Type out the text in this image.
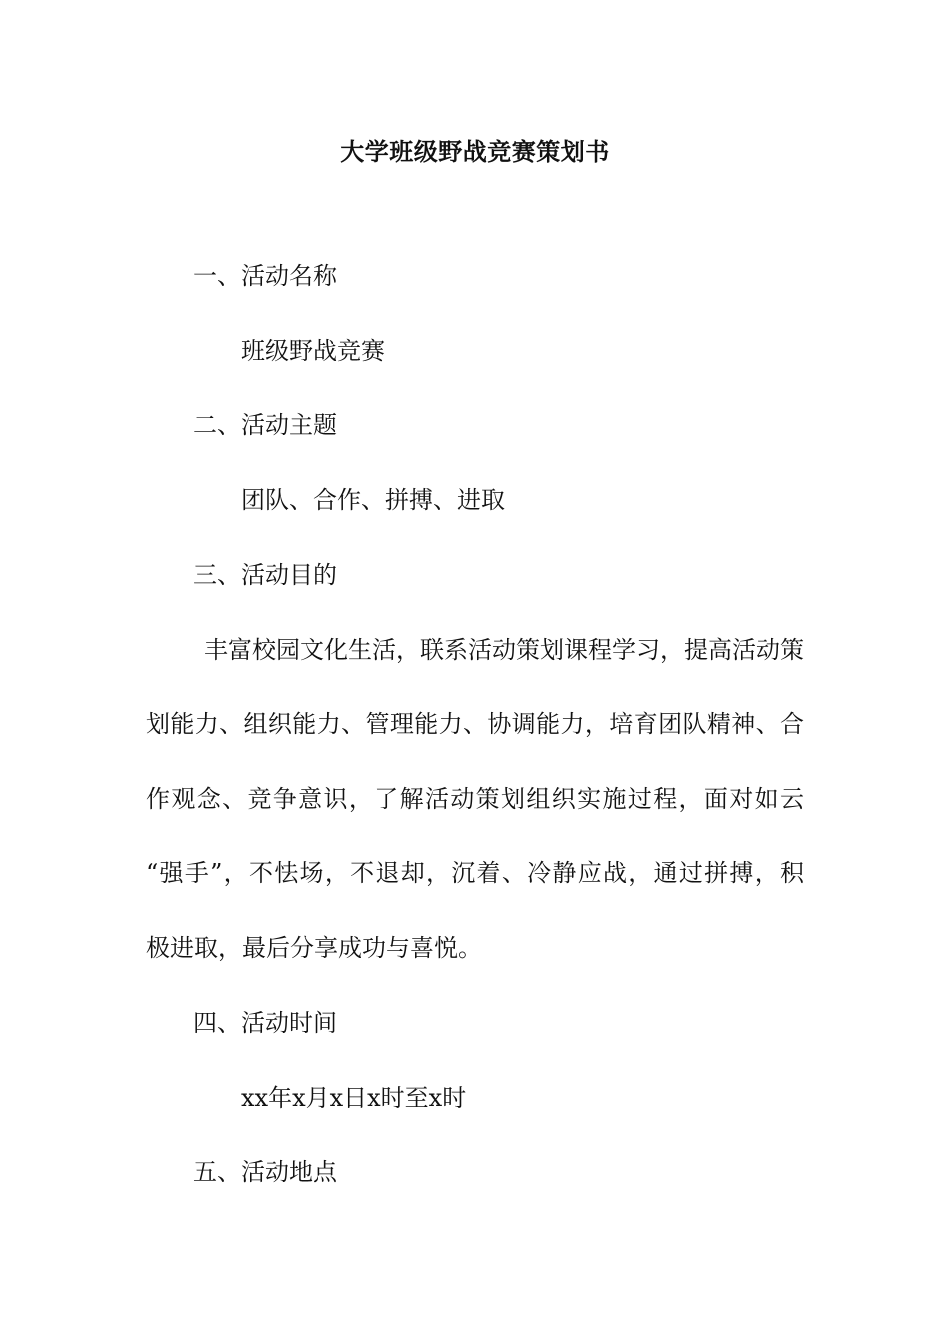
大学班级野战竞赛策划书
一、活动名称
班级野战竞赛
二、活动主题
团队、合作、拼搏、进取
三、活动目的
丰富校园文化生活，联系活动策划课程学习，提高活动策
划能力、组织能力、管理能力、协调能力，培育团队精神、合
作观念、竞争意识，了解活动策划组织实施过程，面对如云
“强手”，不怯场，不退却，沉着、冷静应战，通过拼搏，积
极进取，最后分享成功与喜悦。
四、活动时间
xx年x月x日x时至x时
五、活动地点
